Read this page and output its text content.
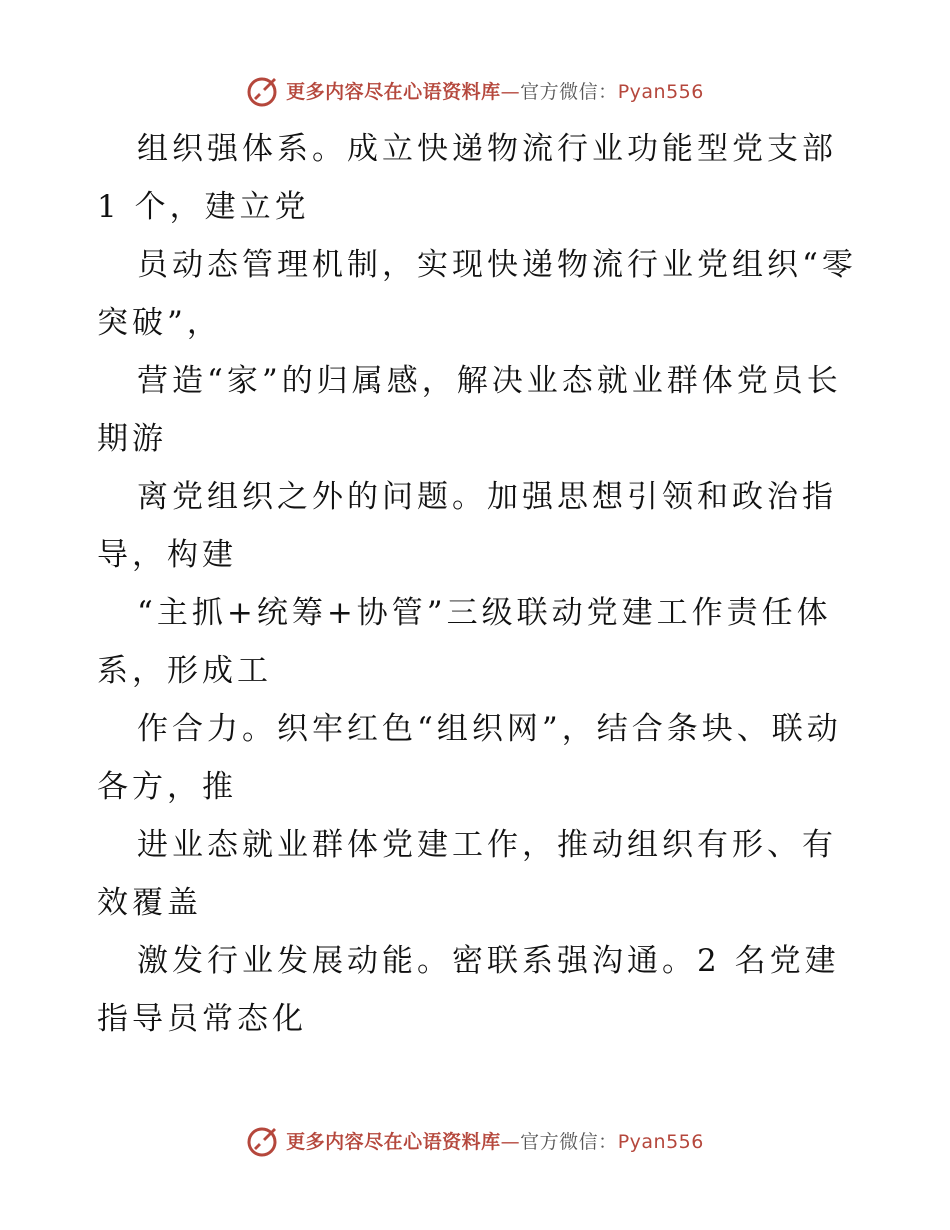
更多内容尽在心语资料库—官方微信：Pyan556

组织强体系。成立快递物流行业功能型党支部 1 个，建立党

员动态管理机制，实现快递物流行业党组织“零突破”，

营造“家”的归属感，解决业态就业群体党员长期游

离党组织之外的问题。加强思想引领和政治指导，构建

“主抓+统筹+协管”三级联动党建工作责任体系，形成工

作合力。织牢红色“组织网”，结合条块、联动各方，推

进业态就业群体党建工作，推动组织有形、有效覆盖

激发行业发展动能。密联系强沟通。2 名党建指导员常态化

更多内容尽在心语资料库—官方微信：Pyan556
